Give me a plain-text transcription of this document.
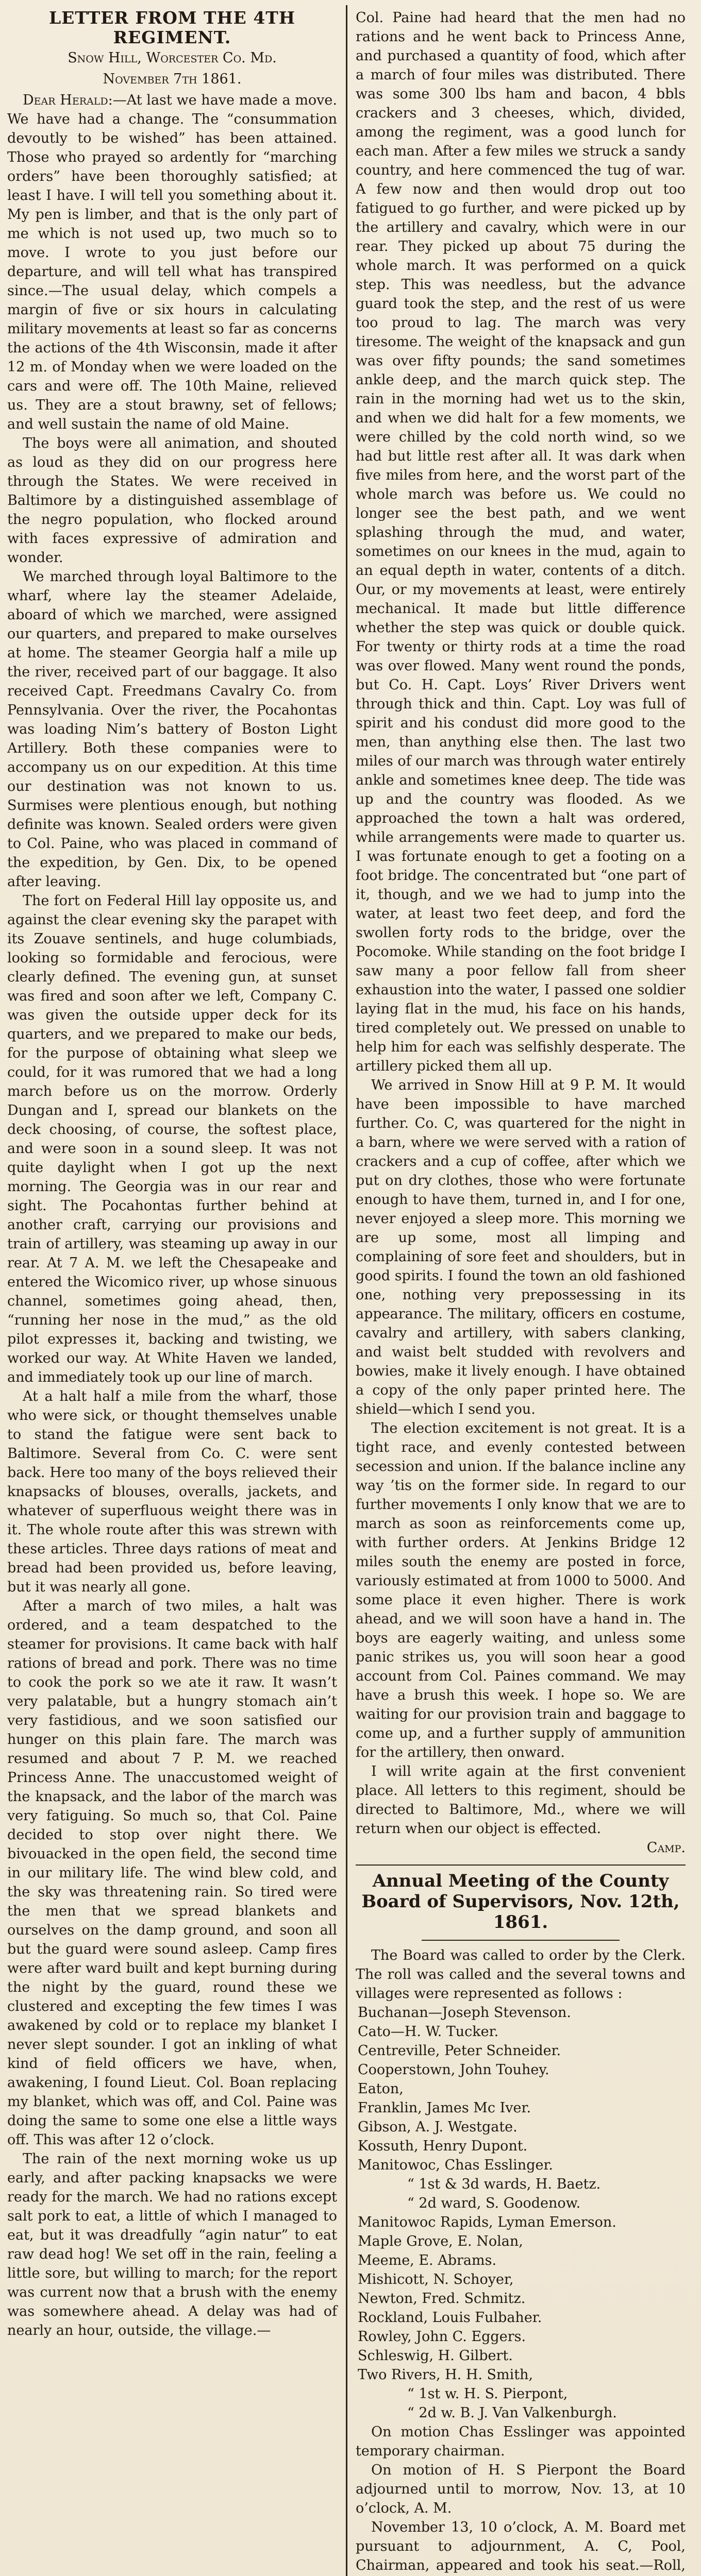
LETTER FROM THE 4TH REGIMENT.
Snow Hill, Worcester Co. Md.
November 7th 1861.

Dear Herald:—At last we have made a move. We have had a change. The “consummation devoutly to be wished” has been attained. Those who prayed so ardently for “marching orders” have been thoroughly satisfied; at least I have. I will tell you something about it. My pen is limber, and that is the only part of me which is not used up, two much so to move. I wrote to you just before our departure, and will tell what has transpired since.—The usual delay, which compels a margin of five or six hours in calculating military movements at least so far as concerns the actions of the 4th Wisconsin, made it after 12 m. of Monday when we were loaded on the cars and were off. The 10th Maine, relieved us. They are a stout brawny, set of fellows; and well sustain the name of old Maine.

The boys were all animation, and shouted as loud as they did on our progress here through the States. We were received in Baltimore by a distinguished assemblage of the negro population, who flocked around with faces expressive of admiration and wonder.

We marched through loyal Baltimore to the wharf, where lay the steamer Adelaide, aboard of which we marched, were assigned our quarters, and prepared to make ourselves at home. The steamer Georgia half a mile up the river, received part of our baggage. It also received Capt. Freedmans Cavalry Co. from Pennsylvania. Over the river, the Pocahontas was loading Nim’s battery of Boston Light Artillery. Both these companies were to accompany us on our expedition. At this time our destination was not known to us. Surmises were plentious enough, but nothing definite was known. Sealed orders were given to Col. Paine, who was placed in command of the expedition, by Gen. Dix, to be opened after leaving.

The fort on Federal Hill lay opposite us, and against the clear evening sky the parapet with its Zouave sentinels, and huge columbiads, looking so formidable and ferocious, were clearly defined. The evening gun, at sunset was fired and soon after we left, Company C. was given the outside upper deck for its quarters, and we prepared to make our beds, for the purpose of obtaining what sleep we could, for it was rumored that we had a long march before us on the morrow. Orderly Dungan and I, spread our blankets on the deck choosing, of course, the softest place, and were soon in a sound sleep. It was not quite daylight when I got up the next morning. The Georgia was in our rear and sight. The Pocahontas further behind at another craft, carrying our provisions and train of artillery, was steaming up away in our rear. At 7 A. M. we left the Chesapeake and entered the Wicomico river, up whose sinuous channel, sometimes going ahead, then, “running her nose in the mud,” as the old pilot expresses it, backing and twisting, we worked our way. At White Haven we landed, and immediately took up our line of march.

At a halt half a mile from the wharf, those who were sick, or thought themselves unable to stand the fatigue were sent back to Baltimore. Several from Co. C. were sent back. Here too many of the boys relieved their knapsacks of blouses, overalls, jackets, and whatever of superfluous weight there was in it. The whole route after this was strewn with these articles. Three days rations of meat and bread had been provided us, before leaving, but it was nearly all gone.

After a march of two miles, a halt was ordered, and a team despatched to the steamer for provisions. It came back with half rations of bread and pork. There was no time to cook the pork so we ate it raw. It wasn’t very palatable, but a hungry stomach ain’t very fastidious, and we soon satisfied our hunger on this plain fare. The march was resumed and about 7 P. M. we reached Princess Anne. The unaccustomed weight of the knapsack, and the labor of the march was very fatiguing. So much so, that Col. Paine decided to stop over night there. We bivouacked in the open field, the second time in our military life. The wind blew cold, and the sky was threatening rain. So tired were the men that we spread blankets and ourselves on the damp ground, and soon all but the guard were sound asleep. Camp fires were after ward built and kept burning during the night by the guard, round these we clustered and excepting the few times I was awakened by cold or to replace my blanket I never slept sounder. I got an inkling of what kind of field officers we have, when, awakening, I found Lieut. Col. Boan replacing my blanket, which was off, and Col. Paine was doing the same to some one else a little ways off. This was after 12 o’clock.

The rain of the next morning woke us up early, and after packing knapsacks we were ready for the march. We had no rations except salt pork to eat, a little of which I managed to eat, but it was dreadfully “agin natur” to eat raw dead hog! We set off in the rain, feeling a little sore, but willing to march; for the report was current now that a brush with the enemy was somewhere ahead. A delay was had of nearly an hour, outside, the village.—

Col. Paine had heard that the men had no rations and he went back to Princess Anne, and purchased a quantity of food, which after a march of four miles was distributed. There was some 300 lbs ham and bacon, 4 bbls crackers and 3 cheeses, which, divided, among the regiment, was a good lunch for each man. After a few miles we struck a sandy country, and here commenced the tug of war. A few now and then would drop out too fatigued to go further, and were picked up by the artillery and cavalry, which were in our rear. They picked up about 75 during the whole march. It was performed on a quick step. This was needless, but the advance guard took the step, and the rest of us were too proud to lag. The march was very tiresome. The weight of the knapsack and gun was over fifty pounds; the sand sometimes ankle deep, and the march quick step. The rain in the morning had wet us to the skin, and when we did halt for a few moments, we were chilled by the cold north wind, so we had but little rest after all. It was dark when five miles from here, and the worst part of the whole march was before us. We could no longer see the best path, and we went splashing through the mud, and water, sometimes on our knees in the mud, again to an equal depth in water, contents of a ditch. Our, or my movements at least, were entirely mechanical. It made but little difference whether the step was quick or double quick. For twenty or thirty rods at a time the road was over flowed. Many went round the ponds, but Co. H. Capt. Loys’ River Drivers went through thick and thin. Capt. Loy was full of spirit and his condust did more good to the men, than anything else then. The last two miles of our march was through water entirely ankle and sometimes knee deep. The tide was up and the country was flooded. As we approached the town a halt was ordered, while arrangements were made to quarter us. I was fortunate enough to get a footing on a foot bridge. The concentrated but “one part of it, though, and we we had to jump into the water, at least two feet deep, and ford the swollen forty rods to the bridge, over the Pocomoke. While standing on the foot bridge I saw many a poor fellow fall from sheer exhaustion into the water, I passed one soldier laying flat in the mud, his face on his hands, tired completely out. We pressed on unable to help him for each was selfishly desperate. The artillery picked them all up.

We arrived in Snow Hill at 9 P. M. It would have been impossible to have marched further. Co. C, was quartered for the night in a barn, where we were served with a ration of crackers and a cup of coffee, after which we put on dry clothes, those who were fortunate enough to have them, turned in, and I for one, never enjoyed a sleep more. This morning we are up some, most all limping and complaining of sore feet and shoulders, but in good spirits. I found the town an old fashioned one, nothing very prepossessing in its appearance. The military, officers en costume, cavalry and artillery, with sabers clanking, and waist belt studded with revolvers and bowies, make it lively enough. I have obtained a copy of the only paper printed here. The shield—which I send you.

The election excitement is not great. It is a tight race, and evenly contested between secession and union. If the balance incline any way ’tis on the former side. In regard to our further movements I only know that we are to march as soon as reinforcements come up, with further orders. At Jenkins Bridge 12 miles south the enemy are posted in force, variously estimated at from 1000 to 5000. And some place it even higher. There is work ahead, and we will soon have a hand in. The boys are eagerly waiting, and unless some panic strikes us, you will soon hear a good account from Col. Paines command. We may have a brush this week. I hope so. We are waiting for our provision train and baggage to come up, and a further supply of ammunition for the artillery, then onward.

I will write again at the first convenient place. All letters to this regiment, should be directed to Baltimore, Md., where we will return when our object is effected.

Camp.

Annual Meeting of the County Board of Supervisors, Nov. 12th, 1861.

The Board was called to order by the Clerk. The roll was called and the several towns and villages were represented as follows :

Buchanan—Joseph Stevenson.

Cato—H. W. Tucker.

Centreville, Peter Schneider.

Cooperstown, John Touhey.

Eaton,

Franklin, James Mc Iver.

Gibson, A. J. Westgate.

Kossuth, Henry Dupont.

Manitowoc, Chas Esslinger.

“ 1st & 3d wards, H. Baetz.

“ 2d ward, S. Goodenow.

Manitowoc Rapids, Lyman Emerson.

Maple Grove, E. Nolan,

Meeme, E. Abrams.

Mishicott, N. Schoyer,

Newton, Fred. Schmitz.

Rockland, Louis Fulbaher.

Rowley, John C. Eggers.

Schleswig, H. Gilbert.

Two Rivers, H. H. Smith,

“ 1st w. H. S. Pierpont,

“ 2d w. B. J. Van Valkenburgh.

On motion Chas Esslinger was appointed temporary chairman.

On motion of H. S Pierpont the Board adjourned until to morrow, Nov. 13, at 10 o’clock, A. M.

November 13, 10 o’clock, A. M. Board met pursuant to adjournment, A. C, Pool, Chairman, appeared and took his seat.—Roll,
